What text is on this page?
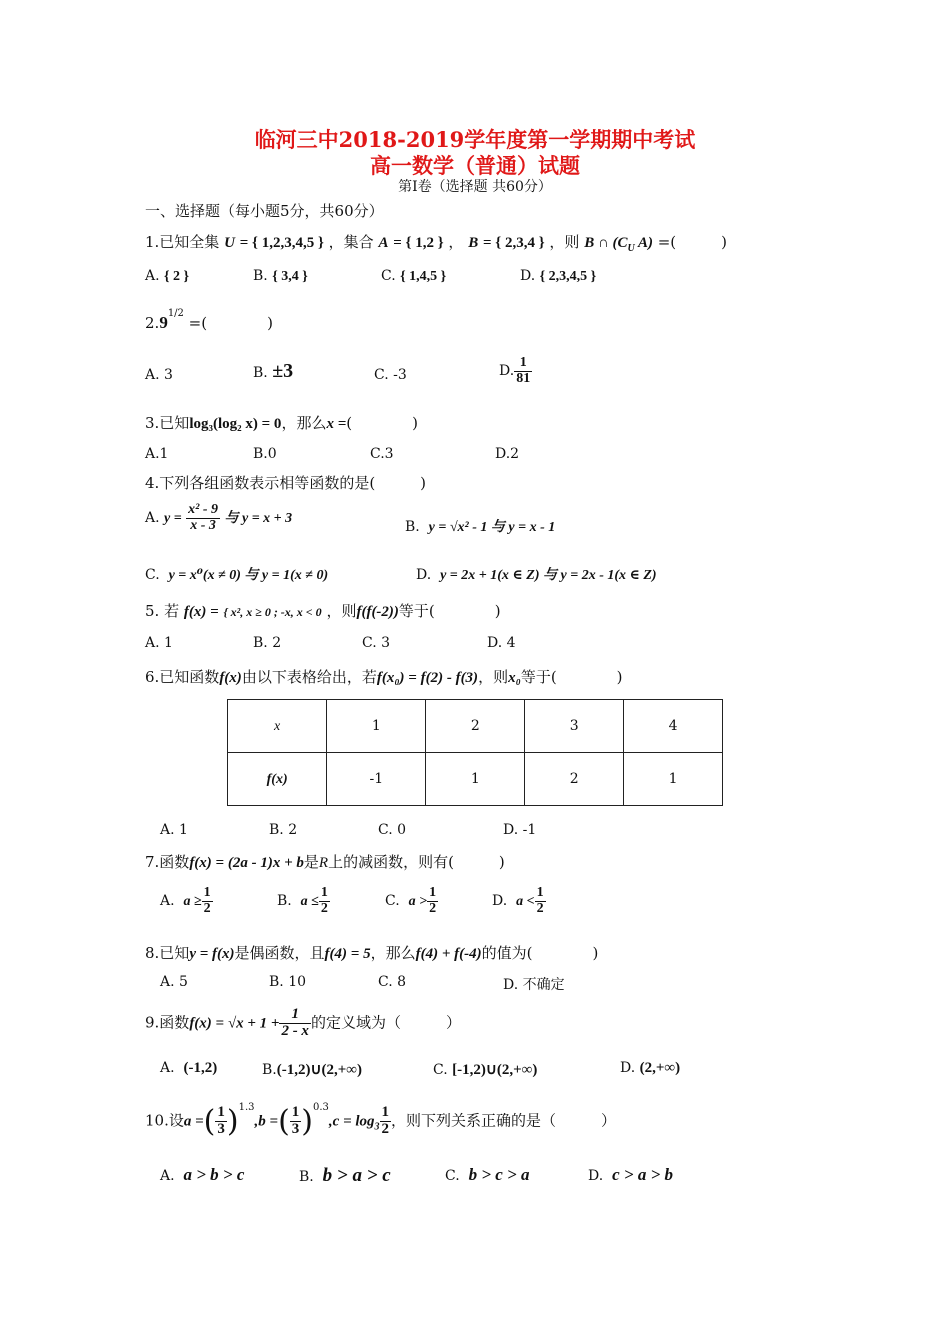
临河三中2018-2019学年度第一学期期中考试
高一数学（普通）试题
第Ⅰ卷（选择题 共60分）
一、选择题（每小题5分，共60分）
1.已知全集 U = { 1,2,3,4,5 } ，集合 A = { 1,2 } ， B = { 2,3,4 } ，则 B ∩ ($C_U$ A) =(　　　)
A. { 2 }	B. { 3,4 }	C. { 1,4,5 }	D. { 2,3,4,5 }
$2.9^{1/2}$ =(　　　　)
A. 3	B. ±3	C. -3	D. $\frac{1}{81}$
3.已知log₃(log₂ x) = 0，那么x =(　　　　)
A.1	B.0	C.3	D.2
4.下列各组函数表示相等函数的是(　　　)
A. $y = \frac{\text{x² - 9}}{x - 3}$ 与 y = x + 3
B. y = √x² - 1 与 y = x - 1
C. y = x⁰(x ≠ 0) 与 y = 1(x ≠ 0)	D. y = 2x + 1(x ∈ Z) 与 y = 2x - 1(x ∈ Z)
5. 若 f(x) = { x², x ≥ 0 ; -x, x < 0 ，则f(f(-2))等于(　　　　)
A. 1	B. 2	C. 3	D. 4
6.已知函数f(x)由以下表格给出，若f(x₀) = f(2) - f(3)，则x₀等于(　　　　)
x	1	2	3	4
f(x)	-1	1	2	1
A. 1	B. 2	C. 0	D. -1
7.函数f(x) = (2a - 1)x + b是R上的减函数，则有(　　　)
A. $a \ge \frac{1}{2}$	B. $a \le \frac{1}{2}$	C. $a > \frac{1}{2}$	D. $a < \frac{1}{2}$
8.已知y = f(x)是偶函数，且f(4) = 5，那么f(4) + f(-4)的值为(　　　　)
A. 5	B. 10	C. 8	D. 不确定
9.函数$f(x) = √x + 1 + \frac{1}{2 - x}$ 的定义域为（　　　）
A. (-1,2)	B.(-1,2)∪(2,+∞)	C. [-1,2)∪(2,+∞)	D. (2,+∞)
10.设a =( $\frac{1}{3} )^{1.3},b$ =( $\frac{1}{3} )^{0.3},c = \log_3 \frac{1}{2}$ ，则下列关系正确的是（　　　）
A. a > b > c	B. b > a > c	C. b > c > a	D. c > a > b
